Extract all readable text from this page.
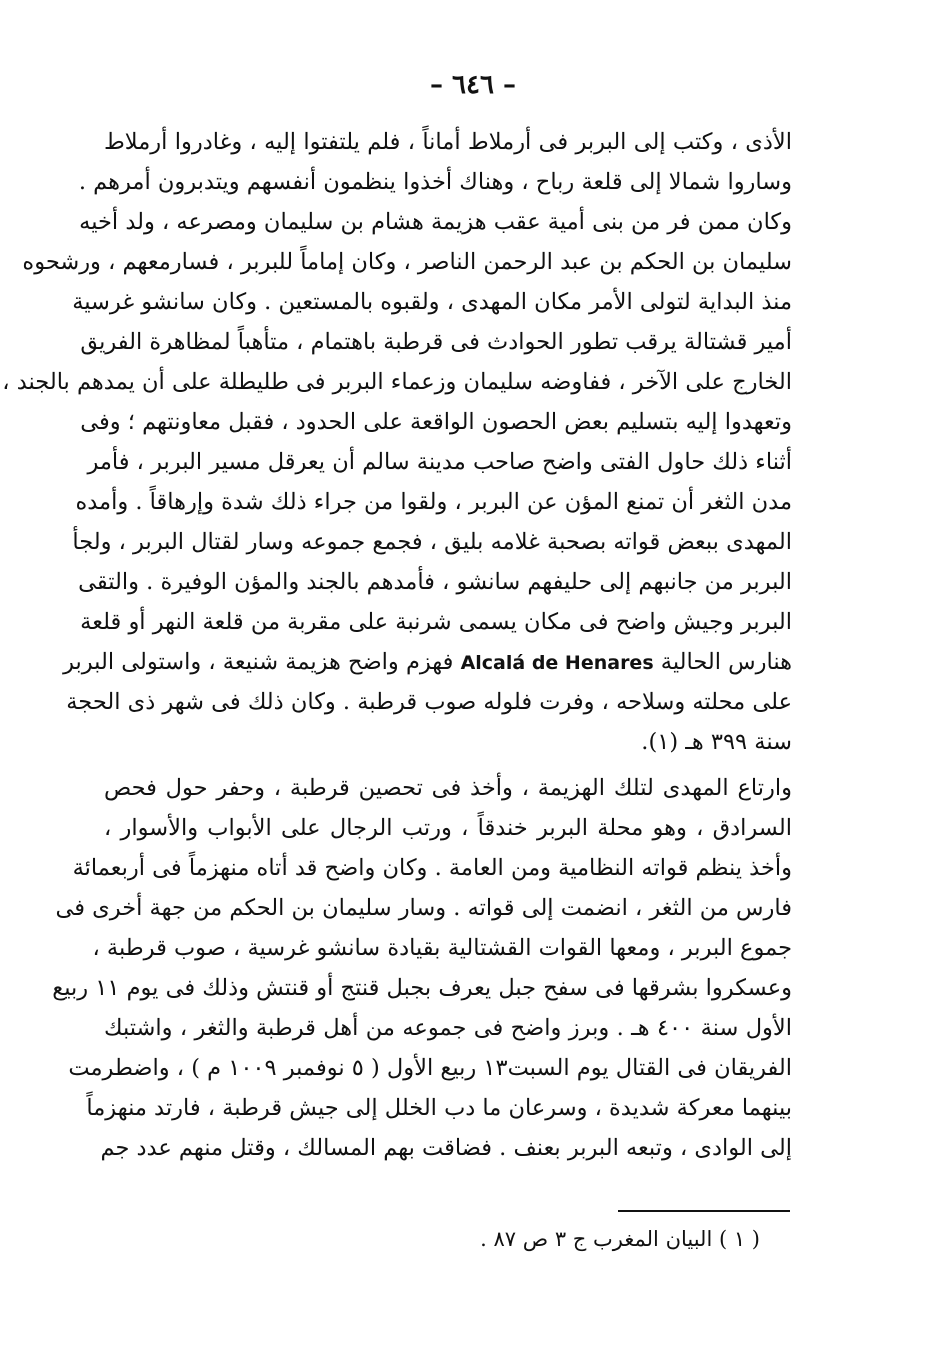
– ٦٤٦ –
الأذى ، وكتب إلى البربر فى أرملاط أماناً ، فلم يلتفتوا إليه ، وغادروا أرملاط
وساروا شمالا إلى قلعة رباح ، وهناك أخذوا ينظمون أنفسهم ويتدبرون أمرهم .
وكان ممن فر من بنى أمية عقب هزيمة هشام بن سليمان ومصرعه ، ولد أخيه
سليمان بن الحكم بن عبد الرحمن الناصر ، وكان إماماً للبربر ، فسارمعهم ، ورشحوه
منذ البداية لتولى الأمر مكان المهدى ، ولقبوه بالمستعين . وكان سانشو غرسية
أمير قشتالة يرقب تطور الحوادث فى قرطبة باهتمام ، متأهباً لمظاهرة الفريق
الخارج على الآخر ، ففاوضه سليمان وزعماء البربر فى طليطلة على أن يمدهم بالجند ،
وتعهدوا إليه بتسليم بعض الحصون الواقعة على الحدود ، فقبل معاونتهم ؛ وفى
أثناء ذلك حاول الفتى واضح صاحب مدينة سالم أن يعرقل مسير البربر ، فأمر
مدن الثغر أن تمنع المؤن عن البربر ، ولقوا من جراء ذلك شدة وإرهاقاً . وأمده
المهدى ببعض قواته بصحبة غلامه بليق ، فجمع جموعه وسار لقتال البربر ، ولجأ
البربر من جانبهم إلى حليفهم سانشو ، فأمدهم بالجند والمؤن الوفيرة . والتقى
البربر وجيش واضح فى مكان يسمى شرنبة على مقربة من قلعة النهر أو قلعة
هنارس الحالية Alcalá de Henares فهزم واضح هزيمة شنيعة ، واستولى البربر
على محلته وسلاحه ، وفرت فلوله صوب قرطبة . وكان ذلك فى شهر ذى الحجة
سنة ٣٩٩ هـ (١).
وارتاع المهدى لتلك الهزيمة ، وأخذ فى تحصين قرطبة ، وحفر حول فحص
السرادق ، وهو محلة البربر خندقاً ، ورتب الرجال على الأبواب والأسوار ،
وأخذ ينظم قواته النظامية ومن العامة . وكان واضح قد أتاه منهزماً فى أربعمائة
فارس من الثغر ، انضمت إلى قواته . وسار سليمان بن الحكم من جهة أخرى فى
جموع البربر ، ومعها القوات القشتالية بقيادة سانشو غرسية ، صوب قرطبة ،
وعسكروا بشرقها فى سفح جبل يعرف بجبل قنتج أو قنتش وذلك فى يوم ١١ ربيع
الأول سنة ٤٠٠ هـ . وبرز واضح فى جموعه من أهل قرطبة والثغر ، واشتبك
الفريقان فى القتال يوم السبت١٣ ربيع الأول ( ٥ نوفمبر ١٠٠٩ م ) ، واضطرمت
بينهما معركة شديدة ، وسرعان ما دب الخلل إلى جيش قرطبة ، فارتد منهزماً
إلى الوادى ، وتبعه البربر بعنف . فضاقت بهم المسالك ، وقتل منهم عدد جم
( ١ ) البيان المغرب ج ٣ ص ٨٧ .
